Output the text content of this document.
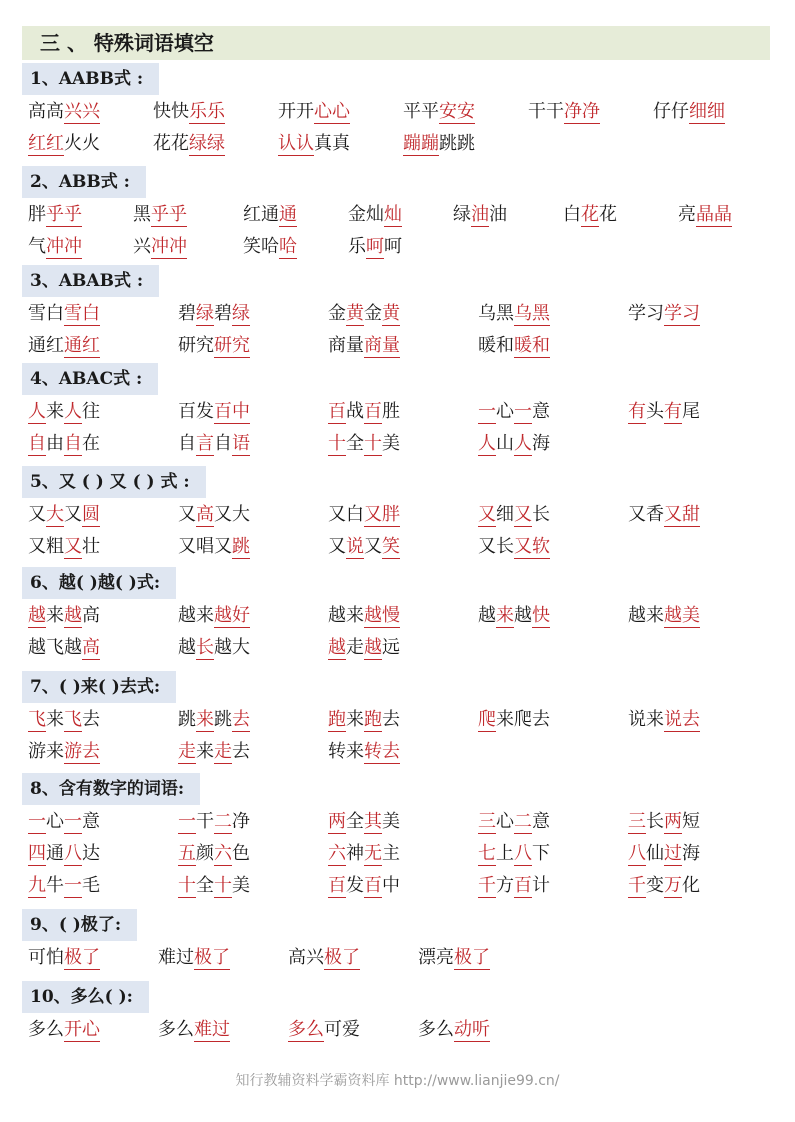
三 、 特殊词语填空
1、AABB式 :
高高兴兴	快快乐乐	开开心心	平平安安	干干净净	仔仔细细
红红火火	花花绿绿	认认真真	蹦蹦跳跳
2、ABB式 :
胖乎乎	黑乎乎	红通通	金灿灿	绿油油	白花花	亮晶晶
气冲冲	兴冲冲	笑哈哈	乐呵呵
3、ABAB式 :
雪白雪白	碧绿碧绿	金黄金黄	乌黑乌黑	学习学习
通红通红	研究研究	商量商量	暖和暖和
4、ABAC式 :
人来人往	百发百中	百战百胜	一心一意	有头有尾
自由自在	自言自语	十全十美	人山人海
5、又 ( ) 又 ( ) 式 :
又大又圆	又高又大	又白又胖	又细又长	又香又甜
又粗又壮	又唱又跳	又说又笑	又长又软
6、越( )越( )式:
越来越高	越来越好	越来越慢	越来越快	越来越美
越飞越高	越长越大	越走越远
7、( )来( )去式:
飞来飞去	跳来跳去	跑来跑去	爬来爬去	说来说去
游来游去	走来走去	转来转去
8、含有数字的词语:
一心一意	一干二净	两全其美	三心二意	三长两短
四通八达	五颜六色	六神无主	七上八下	八仙过海
九牛一毛	十全十美	百发百中	千方百计	千变万化
9、( )极了:
可怕极了	难过极了	高兴极了	漂亮极了
10、多么( ):
多么开心	多么难过	多么可爱	多么动听
知行教辅资料学霸资料库 http://www.lianjie99.cn/
